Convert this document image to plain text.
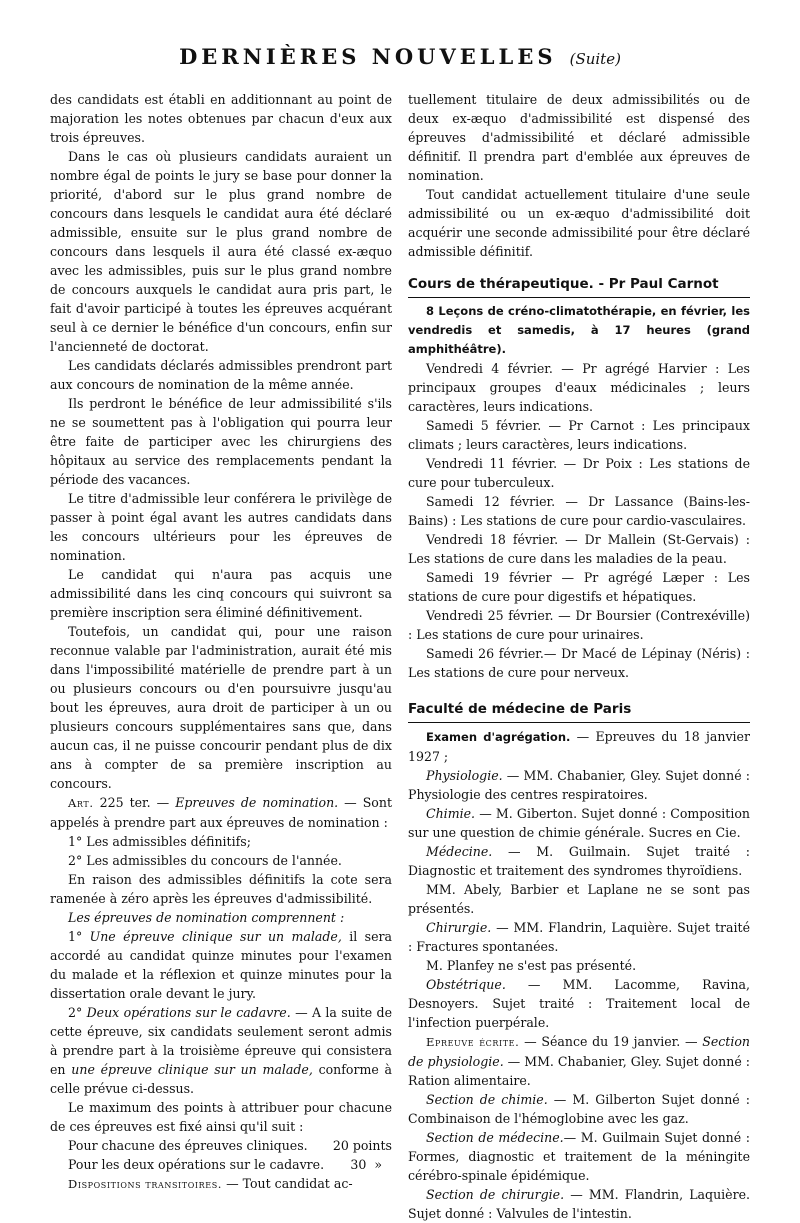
DERNIÈRES NOUVELLES (Suite)

des candidats est établi en additionnant au point de majoration les notes obtenues par chacun d'eux aux trois épreuves.

Dans le cas où plusieurs candidats auraient un nombre égal de points le jury se base pour donner la priorité, d'abord sur le plus grand nombre de concours dans lesquels le candidat aura été déclaré admissible, ensuite sur le plus grand nombre de concours dans lesquels il aura été classé ex-æquo avec les admissibles, puis sur le plus grand nombre de concours auxquels le candidat aura pris part, le fait d'avoir participé à toutes les épreuves acquérant seul à ce dernier le bénéfice d'un concours, enfin sur l'ancienneté de doctorat.

Les candidats déclarés admissibles prendront part aux concours de nomination de la même année.

Ils perdront le bénéfice de leur admissibilité s'ils ne se soumettent pas à l'obligation qui pourra leur être faite de participer avec les chirurgiens des hôpitaux au service des remplacements pendant la période des vacances.

Le titre d'admissible leur conférera le privilège de passer à point égal avant les autres candidats dans les concours ultérieurs pour les épreuves de nomination.

Le candidat qui n'aura pas acquis une admissibilité dans les cinq concours qui suivront sa première inscription sera éliminé définitivement.

Toutefois, un candidat qui, pour une raison reconnue valable par l'administration, aurait été mis dans l'impossibilité matérielle de prendre part à un ou plusieurs concours ou d'en poursuivre jusqu'au bout les épreuves, aura droit de participer à un ou plusieurs concours supplémentaires sans que, dans aucun cas, il ne puisse concourir pendant plus de dix ans à compter de sa première inscription au concours.

Art. 225 ter. — Epreuves de nomination. — Sont appelés à prendre part aux épreuves de nomination :

1° Les admissibles définitifs;

2° Les admissibles du concours de l'année.

En raison des admissibles définitifs la cote sera ramenée à zéro après les épreuves d'admissibilité.

Les épreuves de nomination comprennent :

1° Une épreuve clinique sur un malade, il sera accordé au candidat quinze minutes pour l'examen du malade et la réflexion et quinze minutes pour la dissertation orale devant le jury.

2° Deux opérations sur le cadavre. — A la suite de cette épreuve, six candidats seulement seront admis à prendre part à la troisième épreuve qui consistera en une épreuve clinique sur un malade, conforme à celle prévue ci-dessus.

Le maximum des points à attribuer pour chacune de ces épreuves est fixé ainsi qu'il suit :

Pour chacune des épreuves cliniques. 20 points

Pour les deux opérations sur le cadavre. 30  »

Dispositions transitoires. — Tout candidat ac-

tuellement titulaire de deux admissibilités ou de deux ex-æquo d'admissibilité est dispensé des épreuves d'admissibilité et déclaré admissible définitif. Il prendra part d'emblée aux épreuves de nomination.

Tout candidat actuellement titulaire d'une seule admissibilité ou un ex-æquo d'admissibilité doit acquérir une seconde admissibilité pour être déclaré admissible définitif.

Cours de thérapeutique. - Pr Paul Carnot

8 Leçons de créno-climatothérapie, en février, les vendredis et samedis, à 17 heures (grand amphithéâtre).

Vendredi 4 février. — Pr agrégé Harvier : Les principaux groupes d'eaux médicinales ; leurs caractères, leurs indications.

Samedi 5 février. — Pr Carnot : Les principaux climats ; leurs caractères, leurs indications.

Vendredi 11 février. — Dr Poix : Les stations de cure pour tuberculeux.

Samedi 12 février. — Dr Lassance (Bains-les-Bains) : Les stations de cure pour cardio-vasculaires.

Vendredi 18 février. — Dr Mallein (St-Gervais) : Les stations de cure dans les maladies de la peau.

Samedi 19 février — Pr agrégé Læper : Les stations de cure pour digestifs et hépatiques.

Vendredi 25 février. — Dr Boursier (Contrexéville) : Les stations de cure pour urinaires.

Samedi 26 février.— Dr Macé de Lépinay (Néris) : Les stations de cure pour nerveux.

Faculté de médecine de Paris

Examen d'agrégation. — Epreuves du 18 janvier 1927 ;

Physiologie. — MM. Chabanier, Gley. Sujet donné : Physiologie des centres respiratoires.

Chimie. — M. Giberton. Sujet donné : Composition sur une question de chimie générale. Sucres en Cie.

Médecine. — M. Guilmain. Sujet traité : Diagnostic et traitement des syndromes thyroïdiens.

MM. Abely, Barbier et Laplane ne se sont pas présentés.

Chirurgie. — MM. Flandrin, Laquière. Sujet traité : Fractures spontanées.

M. Planfey ne s'est pas présenté.

Obstétrique. — MM. Lacomme, Ravina, Desnoyers. Sujet traité : Traitement local de l'infection puerpérale.

Epreuve écrite. — Séance du 19 janvier. — Section de physiologie. — MM. Chabanier, Gley. Sujet donné : Ration alimentaire.

Section de chimie. — M. Gilberton Sujet donné : Combinaison de l'hémoglobine avec les gaz.

Section de médecine.— M. Guilmain Sujet donné : Formes, diagnostic et traitement de la méningite cérébro-spinale épidémique.

Section de chirurgie. — MM. Flandrin, Laquière. Sujet donné : Valvules de l'intestin.
